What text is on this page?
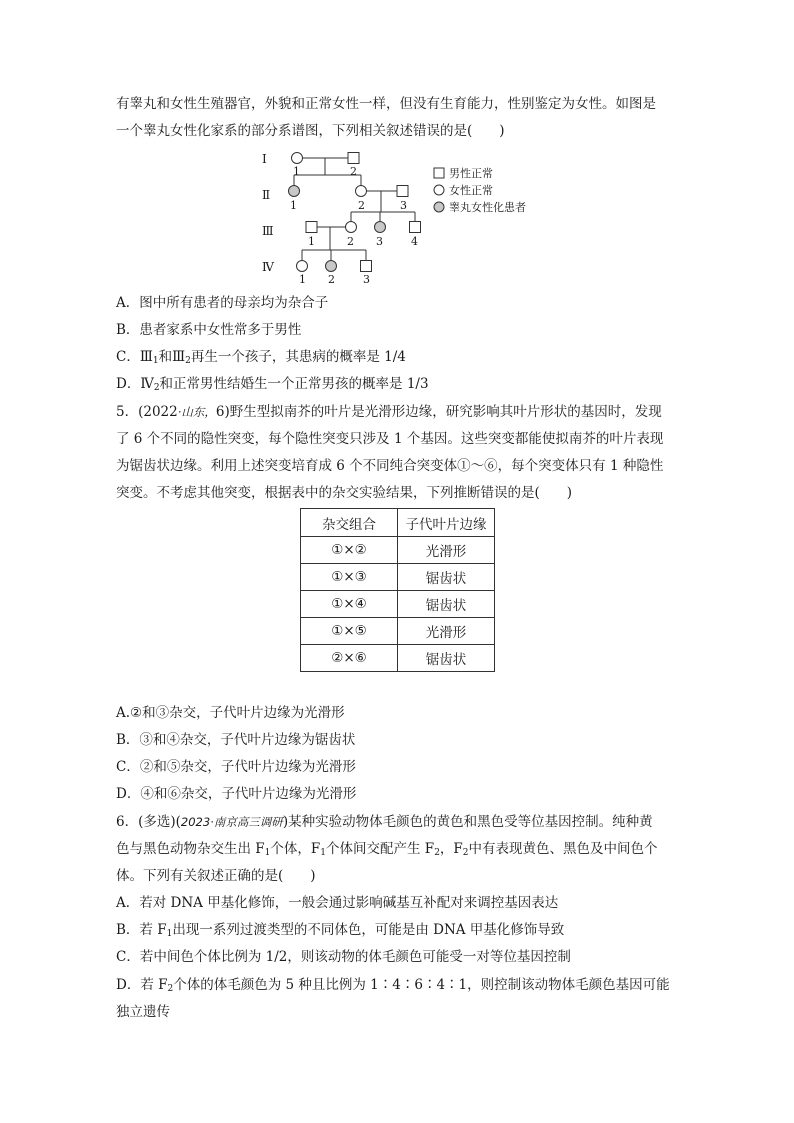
有睾丸和女性生殖器官，外貌和正常女性一样，但没有生育能力，性别鉴定为女性。如图是
一个睾丸女性化家系的部分系谱图，下列相关叙述错误的是(　　)
Ⅰ
Ⅱ
Ⅲ
Ⅳ
1	2
1	2	3
1	2 3	4
1 2	3
男性正常
女性正常
睾丸女性化患者
A．图中所有患者的母亲均为杂合子
B．患者家系中女性常多于男性
C．$Ⅲ_1$和$Ⅲ_2$再生一个孩子，其患病的概率是 1/4
D．$Ⅳ_2$和正常男性结婚生一个正常男孩的概率是 1/3
5．(2022·山东，6)野生型拟南芥的叶片是光滑形边缘，研究影响其叶片形状的基因时，发现
了 6 个不同的隐性突变，每个隐性突变只涉及 1 个基因。这些突变都能使拟南芥的叶片表现
为锯齿状边缘。利用上述突变培育成 6 个不同纯合突变体①～⑥，每个突变体只有 1 种隐性
突变。不考虑其他突变，根据表中的杂交实验结果，下列推断错误的是(　　)
杂交组合	子代叶片边缘
①×②	光滑形
①×③	锯齿状
①×④	锯齿状
①×⑤	光滑形
②×⑥	锯齿状
A.②和③杂交，子代叶片边缘为光滑形
B．③和④杂交，子代叶片边缘为锯齿状
C．②和⑤杂交，子代叶片边缘为光滑形
D．④和⑥杂交，子代叶片边缘为光滑形
6．(多选)(2023·南京高三调研)某种实验动物体毛颜色的黄色和黑色受等位基因控制。纯种黄
色与黑色动物杂交生出 $F_1$个体，$F_1$个体间交配产生 $F_2$，$F_2$中有表现黄色、黑色及中间色个
体。下列有关叙述正确的是(　　)
A．若对 DNA 甲基化修饰，一般会通过影响碱基互补配对来调控基因表达
B．若 $F_1$出现一系列过渡类型的不同体色，可能是由 DNA 甲基化修饰导致
C．若中间色个体比例为 1/2，则该动物的体毛颜色可能受一对等位基因控制
D．若 $F_2$个体的体毛颜色为 5 种且比例为 1∶4∶6∶4∶1，则控制该动物体毛颜色基因可能
独立遗传
